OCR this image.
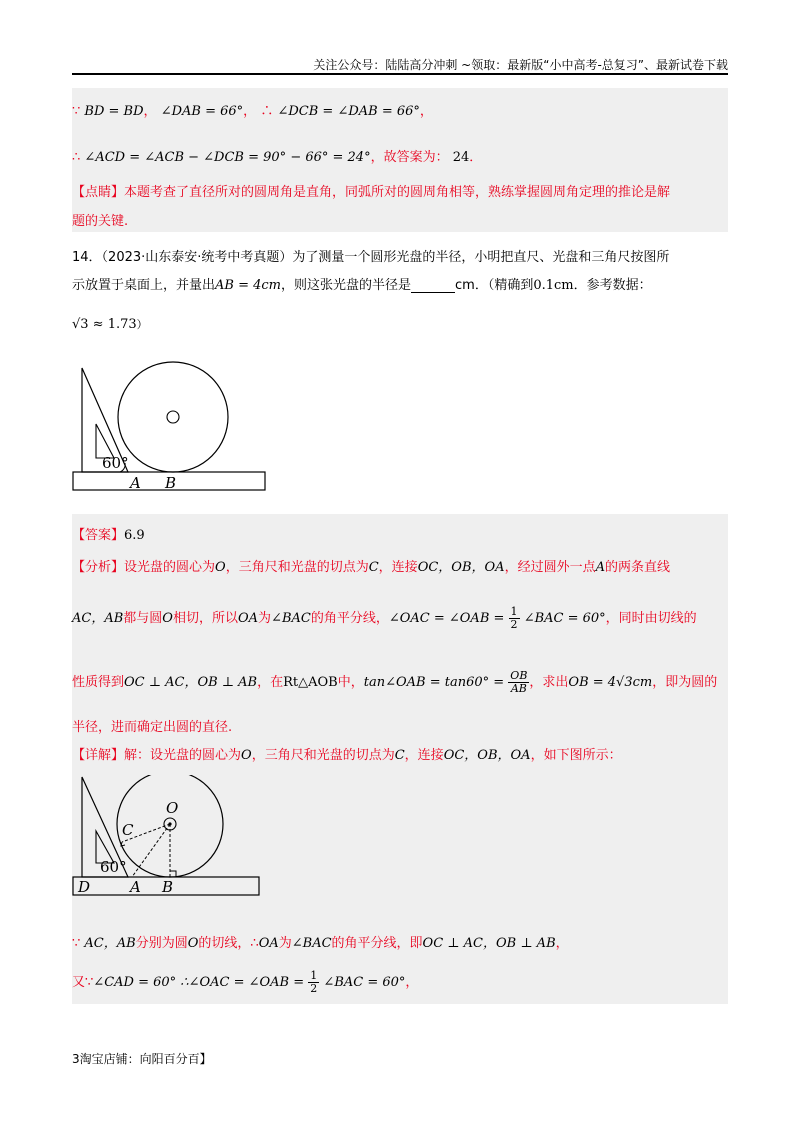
关注公众号：陆陆高分冲刺 ~领取：最新版“小中高考-总复习”、最新试卷下载
∵ BD = BD， ∠DAB = 66°， ∴ ∠DCB = ∠DAB = 66°，
∴ ∠ACD = ∠ACB − ∠DCB = 90° − 66° = 24°，故答案为： 24．
【点睛】本题考查了直径所对的圆周角是直角，同弧所对的圆周角相等，熟练掌握圆周角定理的推论是解
题的关键.
14．（2023·山东泰安·统考中考真题）为了测量一个圆形光盘的半径，小明把直尺、光盘和三角尺按图所
示放置于桌面上，并量出AB = 4cm，则这张光盘的半径是	cm．（精确到0.1cm．参考数据：
√3 ≈ 1.73）
60°
A B
【答案】6.9
【分析】设光盘的圆心为O，三角尺和光盘的切点为C，连接OC，OB，OA，经过圆外一点A的两条直线
AC，AB都与圆O相切，所以OA为∠BAC的角平分线，∠OAC = ∠OAB = $\frac{1}{2}$ ∠BAC = 60°，同时由切线的
性质得到OC ⊥ AC，OB ⊥ AB，在Rt△AOB中，tan∠OAB = $\tan 60^\circ = \frac{OB}{AB}$ ，求出OB = 4√3cm，即为圆的
半径，进而确定出圆的直径.
【详解】解：设光盘的圆心为O，三角尺和光盘的切点为C，连接OC，OB，OA，如下图所示：
O
C
60°
D	A B
∵ AC，AB分别为圆O的切线，∴OA为∠BAC的角平分线，即OC ⊥ AC，OB ⊥ AB，
又∵∠CAD = 60° ∴∠OAC = ∠OAB = $\frac{1}{2}$ ∠BAC = 60°，
3淘宝店铺：向阳百分百】
